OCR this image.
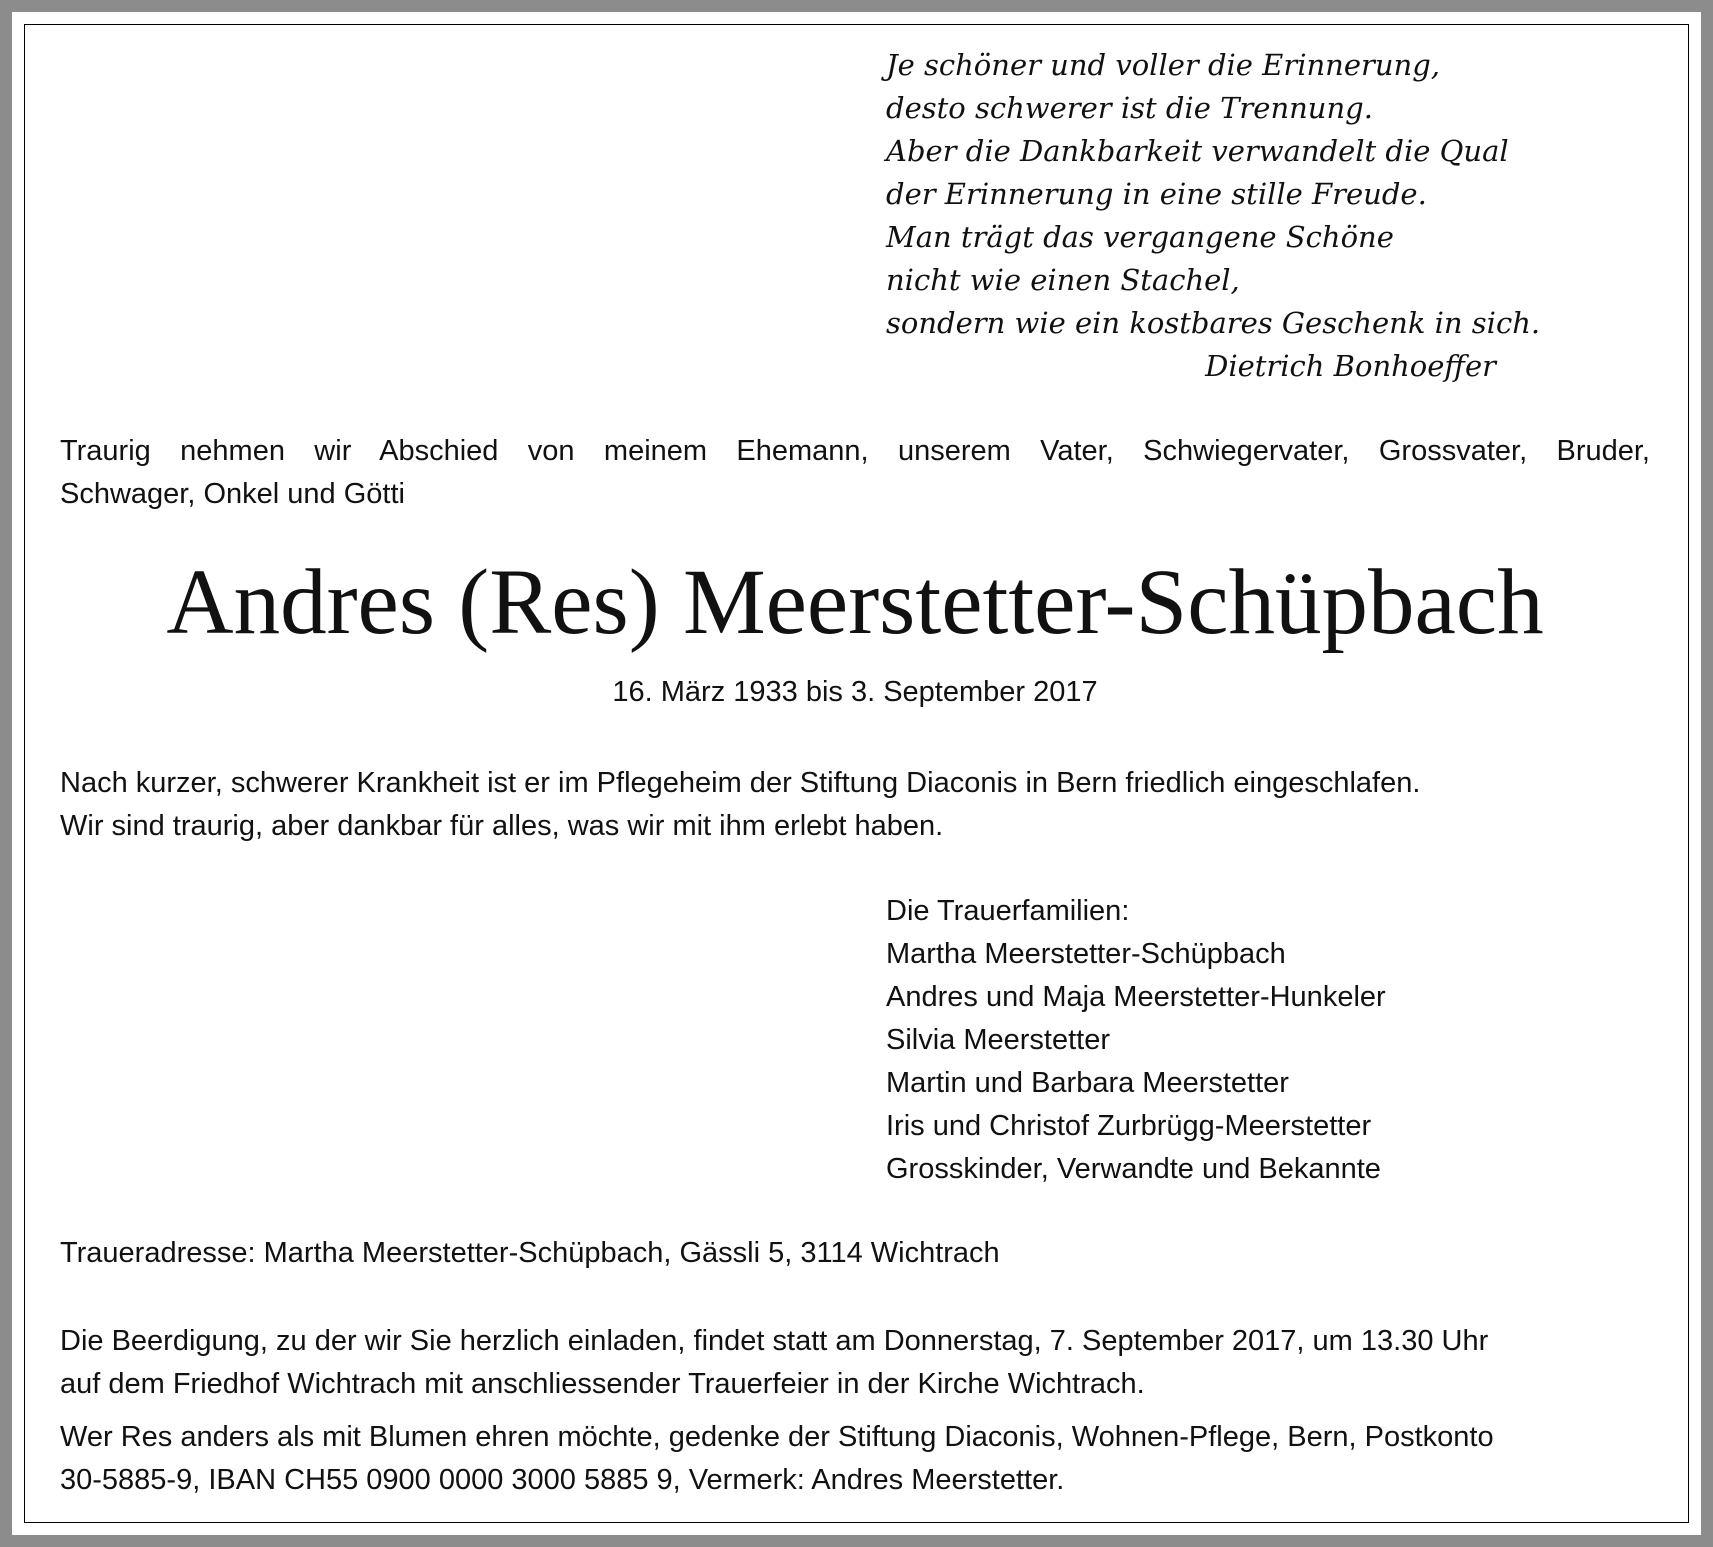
Je schöner und voller die Erinnerung,
desto schwerer ist die Trennung.
Aber die Dankbarkeit verwandelt die Qual
der Erinnerung in eine stille Freude.
Man trägt das vergangene Schöne
nicht wie einen Stachel,
sondern wie ein kostbares Geschenk in sich.
Dietrich Bonhoeffer
Traurig nehmen wir Abschied von meinem Ehemann, unserem Vater, Schwiegervater, Grossvater, Bruder,
Schwager, Onkel und Götti
Andres (Res) Meerstetter-Schüpbach
16. März 1933 bis 3. September 2017
Nach kurzer, schwerer Krankheit ist er im Pflegeheim der Stiftung Diaconis in Bern friedlich eingeschlafen.
Wir sind traurig, aber dankbar für alles, was wir mit ihm erlebt haben.
Die Trauerfamilien:
Martha Meerstetter-Schüpbach
Andres und Maja Meerstetter-Hunkeler
Silvia Meerstetter
Martin und Barbara Meerstetter
Iris und Christof Zurbrügg-Meerstetter
Grosskinder, Verwandte und Bekannte
Traueradresse: Martha Meerstetter-Schüpbach, Gässli 5, 3114 Wichtrach
Die Beerdigung, zu der wir Sie herzlich einladen, findet statt am Donnerstag, 7. September 2017, um 13.30 Uhr
auf dem Friedhof Wichtrach mit anschliessender Trauerfeier in der Kirche Wichtrach.
Wer Res anders als mit Blumen ehren möchte, gedenke der Stiftung Diaconis, Wohnen-Pflege, Bern, Postkonto
30-5885-9, IBAN CH55 0900 0000 3000 5885 9, Vermerk: Andres Meerstetter.
